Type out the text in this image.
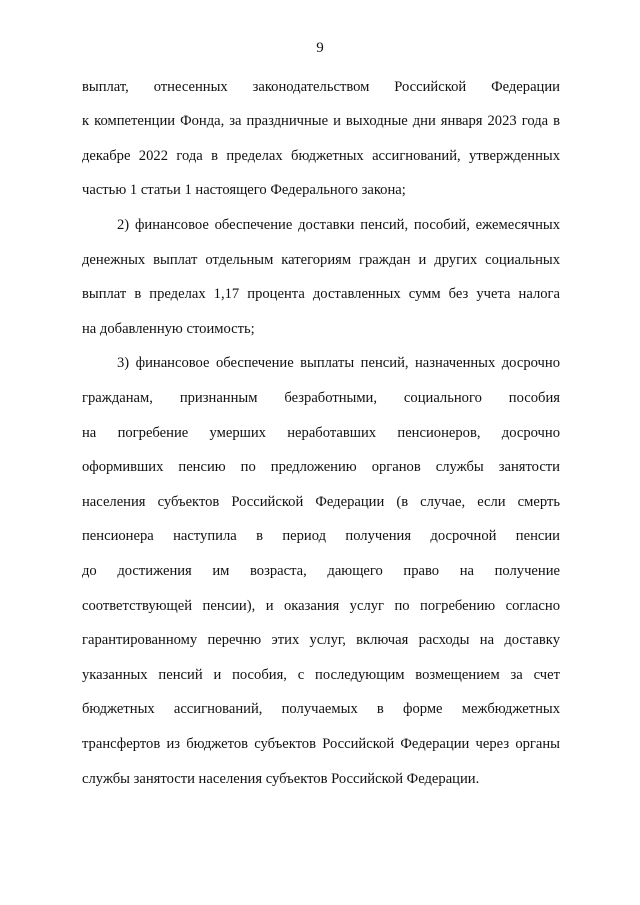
9
выплат, отнесенных законодательством Российской Федерации
к компетенции Фонда, за праздничные и выходные дни января 2023 года в
декабре 2022 года в пределах бюджетных ассигнований, утвержденных
частью 1 статьи 1 настоящего Федерального закона;
2) финансовое обеспечение доставки пенсий, пособий, ежемесячных
денежных выплат отдельным категориям граждан и других социальных
выплат в пределах 1,17 процента доставленных сумм без учета налога
на добавленную стоимость;
3) финансовое обеспечение выплаты пенсий, назначенных досрочно
гражданам, признанным безработными, социального пособия
на погребение умерших неработавших пенсионеров, досрочно
оформивших пенсию по предложению органов службы занятости
населения субъектов Российской Федерации (в случае, если смерть
пенсионера наступила в период получения досрочной пенсии
до достижения им возраста, дающего право на получение
соответствующей пенсии), и оказания услуг по погребению согласно
гарантированному перечню этих услуг, включая расходы на доставку
указанных пенсий и пособия, с последующим возмещением за счет
бюджетных ассигнований, получаемых в форме межбюджетных
трансфертов из бюджетов субъектов Российской Федерации через органы
службы занятости населения субъектов Российской Федерации.
